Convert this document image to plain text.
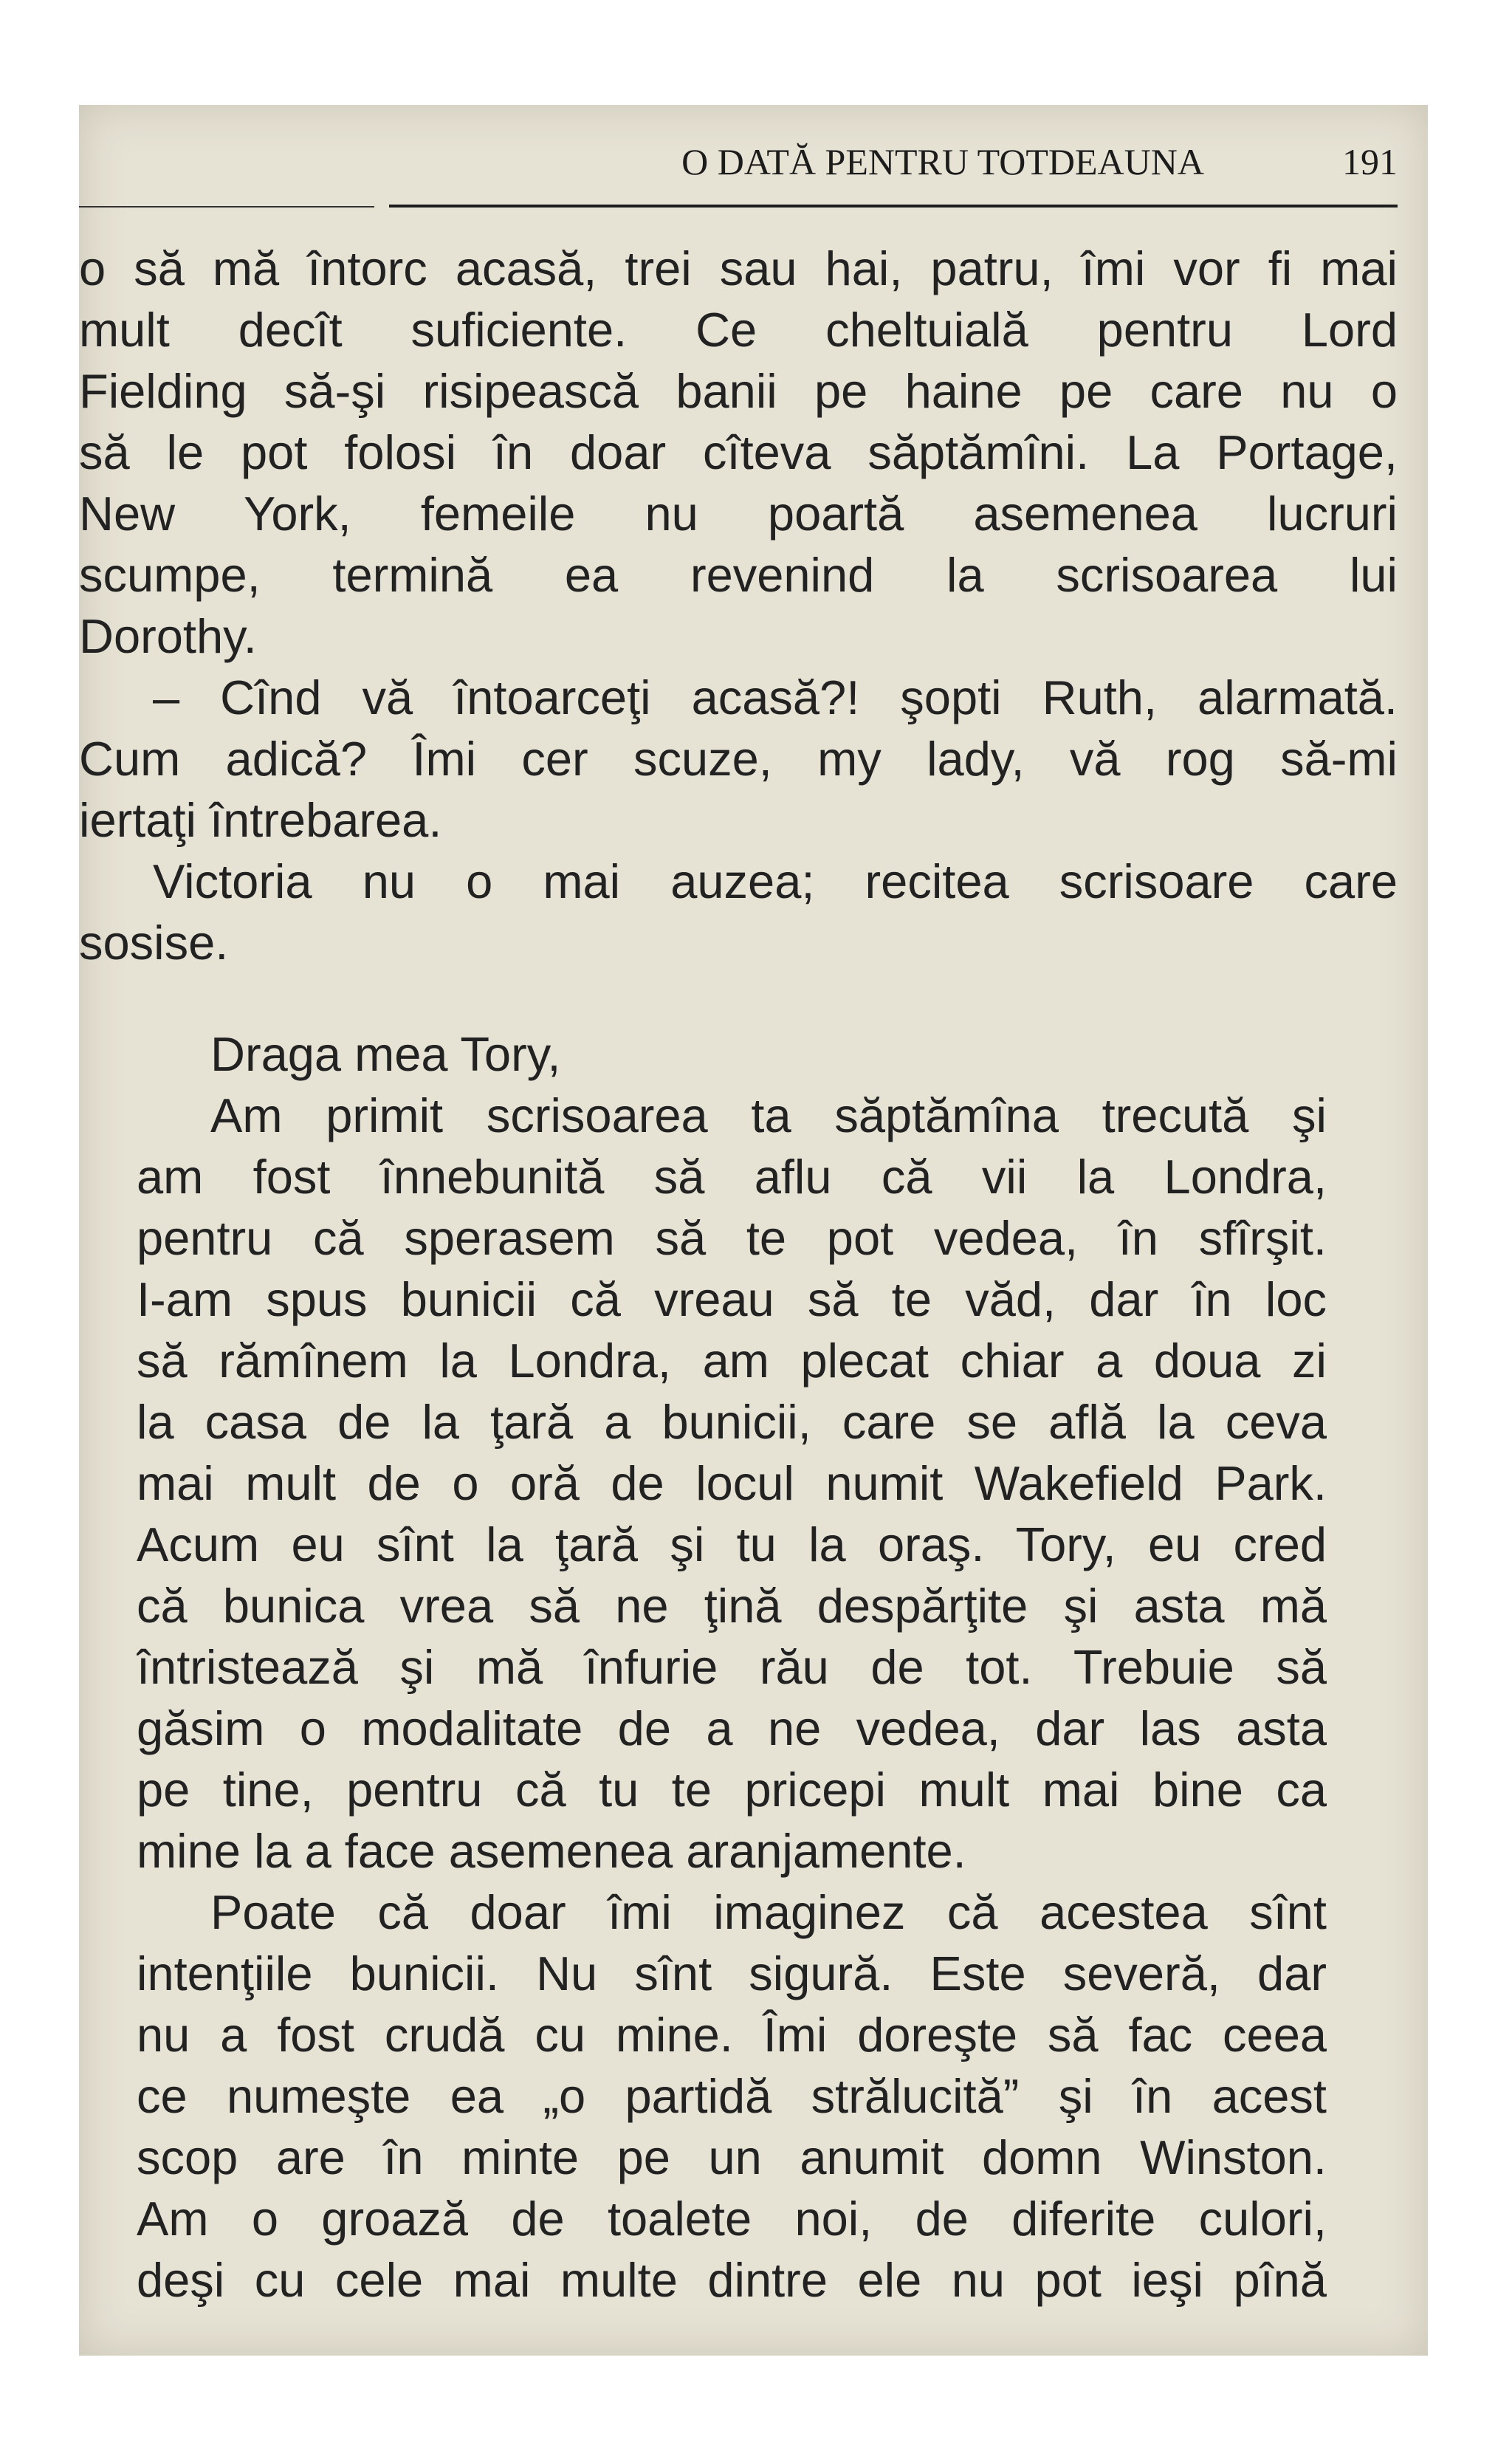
O DATĂ PENTRU TOTDEAUNA	191
o să mă întorc acasă, trei sau hai, patru, îmi vor fi mai
mult decît suficiente. Ce cheltuială pentru Lord
Fielding să-şi risipească banii pe haine pe care nu o
să le pot folosi în doar cîteva săptămîni. La Portage,
New York, femeile nu poartă asemenea lucruri
scumpe, termină ea revenind la scrisoarea lui
Dorothy.
– Cînd vă întoarceţi acasă?! şopti Ruth, alarmată.
Cum adică? Îmi cer scuze, my lady, vă rog să-mi
iertaţi întrebarea.
Victoria nu o mai auzea; recitea scrisoare care
sosise.
Draga mea Tory,
Am primit scrisoarea ta săptămîna trecută şi
am fost înnebunită să aflu că vii la Londra,
pentru că sperasem să te pot vedea, în sfîrşit.
I-am spus bunicii că vreau să te văd, dar în loc
să rămînem la Londra, am plecat chiar a doua zi
la casa de la ţară a bunicii, care se află la ceva
mai mult de o oră de locul numit Wakefield Park.
Acum eu sînt la ţară şi tu la oraş. Tory, eu cred
că bunica vrea să ne ţină despărţite şi asta mă
întristează şi mă înfurie rău de tot. Trebuie să
găsim o modalitate de a ne vedea, dar las asta
pe tine, pentru că tu te pricepi mult mai bine ca
mine la a face asemenea aranjamente.
Poate că doar îmi imaginez că acestea sînt
intenţiile bunicii. Nu sînt sigură. Este severă, dar
nu a fost crudă cu mine. Îmi doreşte să fac ceea
ce numeşte ea „o partidă strălucită” şi în acest
scop are în minte pe un anumit domn Winston.
Am o groază de toalete noi, de diferite culori,
deşi cu cele mai multe dintre ele nu pot ieşi pînă
